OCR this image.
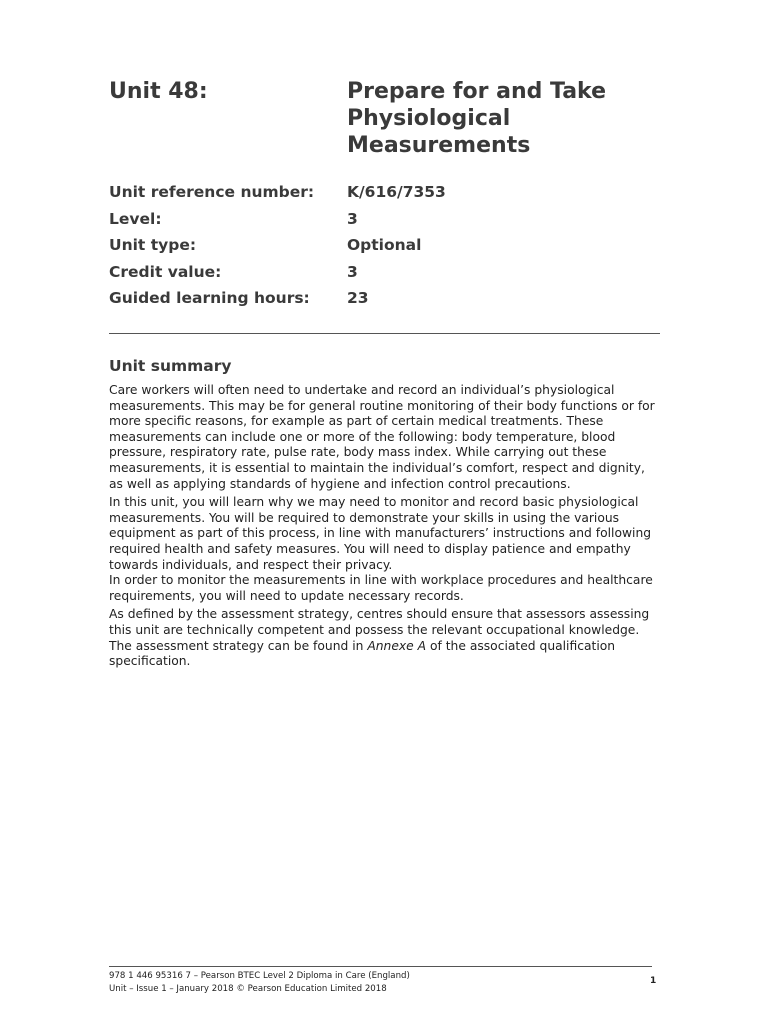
Unit 48:	Prepare for and Take Physiological Measurements
Unit reference number: K/616/7353
Level:	3
Unit type:	Optional
Credit value:	3
Guided learning hours: 23
Unit summary

Care workers will often need to undertake and record an individual’s physiological measurements. This may be for general routine monitoring of their body functions or for more specific reasons, for example as part of certain medical treatments. These measurements can include one or more of the following: body temperature, blood pressure, respiratory rate, pulse rate, body mass index. While carrying out these measurements, it is essential to maintain the individual’s comfort, respect and dignity, as well as applying standards of hygiene and infection control precautions.

In this unit, you will learn why we may need to monitor and record basic physiological measurements. You will be required to demonstrate your skills in using the various equipment as part of this process, in line with manufacturers’ instructions and following required health and safety measures. You will need to display patience and empathy towards individuals, and respect their privacy.

In order to monitor the measurements in line with workplace procedures and healthcare requirements, you will need to update necessary records.

As defined by the assessment strategy, centres should ensure that assessors assessing this unit are technically competent and possess the relevant occupational knowledge. The assessment strategy can be found in Annexe A of the associated qualification specification.

978 1 446 95316 7 – Pearson BTEC Level 2 Diploma in Care (England)
Unit – Issue 1 – January 2018 © Pearson Education Limited 2018
1
